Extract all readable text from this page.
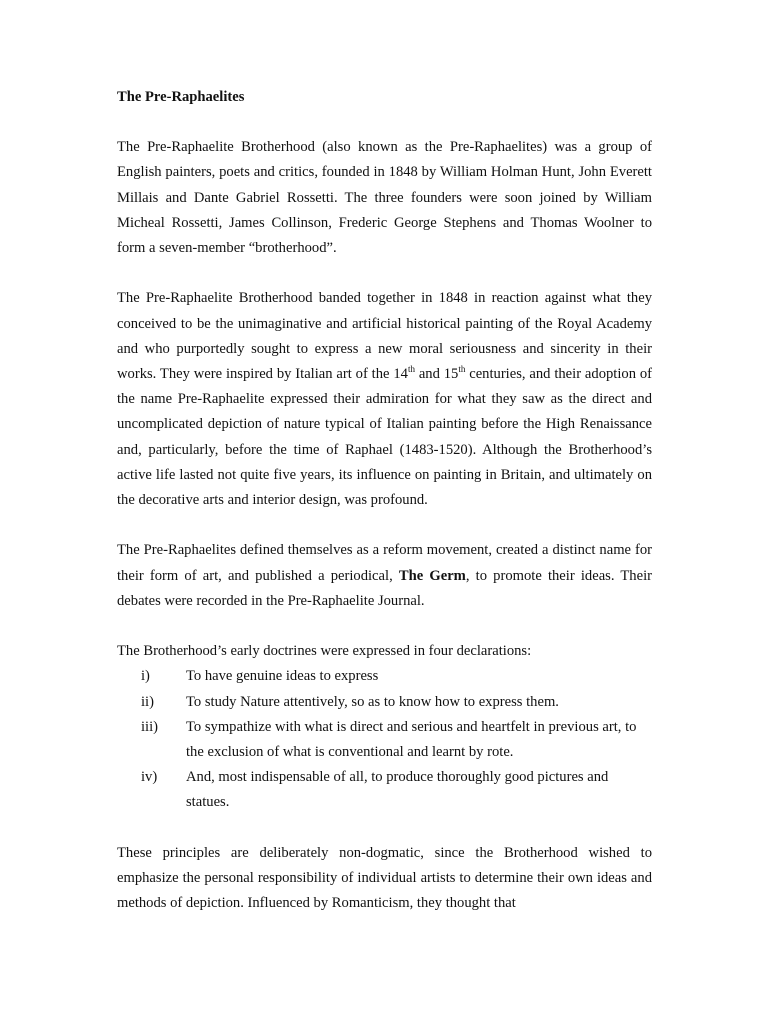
The Pre-Raphaelites

The Pre-Raphaelite Brotherhood (also known as the Pre-Raphaelites) was a group of English painters, poets and critics, founded in 1848 by William Holman Hunt, John Everett Millais and Dante Gabriel Rossetti. The three founders were soon joined by William Micheal Rossetti, James Collinson, Frederic George Stephens and Thomas Woolner to form a seven-member “brotherhood”.

The Pre-Raphaelite Brotherhood banded together in 1848 in reaction against what they conceived to be the unimaginative and artificial historical painting of the Royal Academy and who purportedly sought to express a new moral seriousness and sincerity in their works. They were inspired by Italian art of the 14th and 15th centuries, and their adoption of the name Pre-Raphaelite expressed their admiration for what they saw as the direct and uncomplicated depiction of nature typical of Italian painting before the High Renaissance and, particularly, before the time of Raphael (1483-1520). Although the Brotherhood’s active life lasted not quite five years, its influence on painting in Britain, and ultimately on the decorative arts and interior design, was profound.

The Pre-Raphaelites defined themselves as a reform movement, created a distinct name for their form of art, and published a periodical, The Germ, to promote their ideas. Their debates were recorded in the Pre-Raphaelite Journal.

The Brotherhood’s early doctrines were expressed in four declarations:

i)	To have genuine ideas to express
ii)	To study Nature attentively, so as to know how to express them.
iii)	To sympathize with what is direct and serious and heartfelt in previous art, to the exclusion of what is conventional and learnt by rote.
iv)	And, most indispensable of all, to produce thoroughly good pictures and statues.

These principles are deliberately non-dogmatic, since the Brotherhood wished to emphasize the personal responsibility of individual artists to determine their own ideas and methods of depiction. Influenced by Romanticism, they thought that
